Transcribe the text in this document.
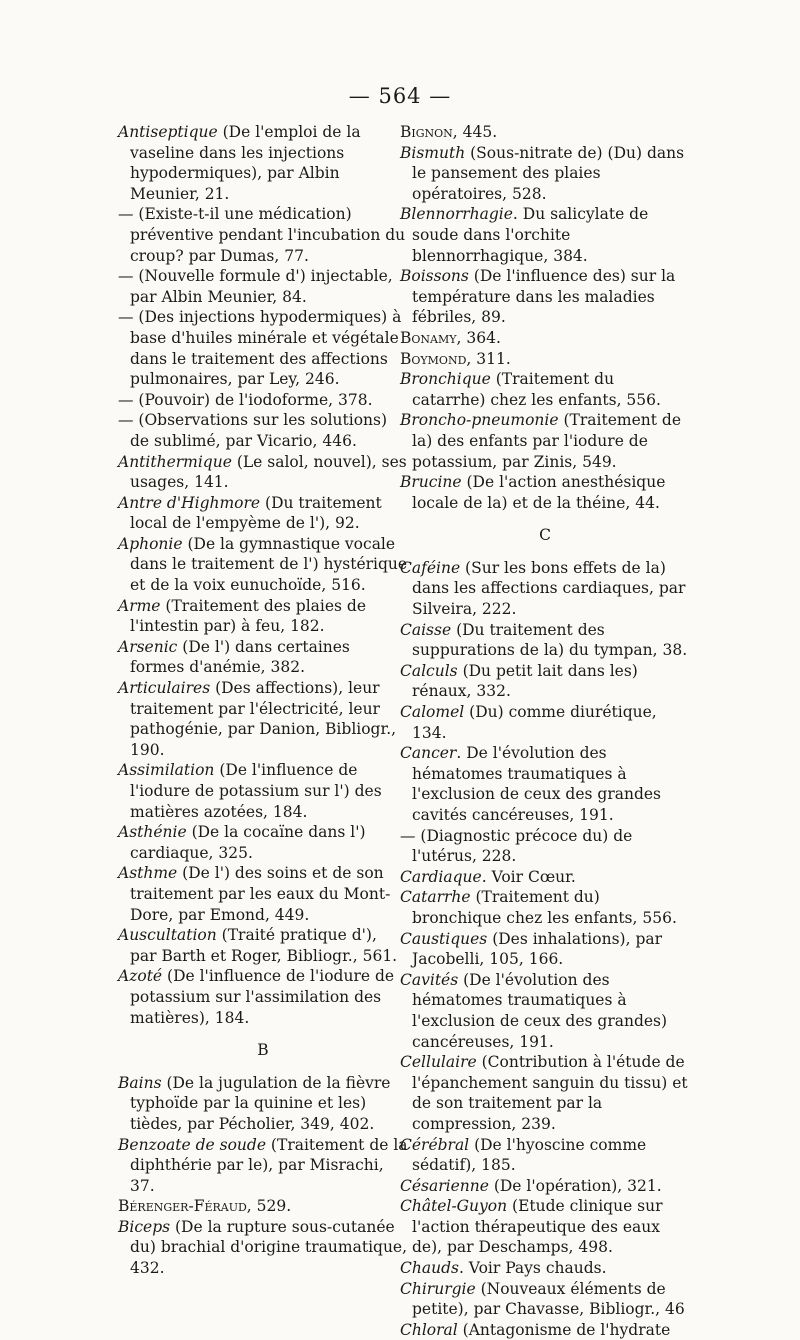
— 564 —

Antiseptique (De l'emploi de la vaseline dans les injections hypodermiques), par Albin Meunier, 21.

— (Existe-t-il une médication) préventive pendant l'incubation du croup? par Dumas, 77.

— (Nouvelle formule d') injectable, par Albin Meunier, 84.

— (Des injections hypodermiques) à base d'huiles minérale et végétale dans le traitement des affections pulmonaires, par Ley, 246.

— (Pouvoir) de l'iodoforme, 378.

— (Observations sur les solutions) de sublimé, par Vicario, 446.

Antithermique (Le salol, nouvel), ses usages, 141.

Antre d'Highmore (Du traitement local de l'empyème de l'), 92.

Aphonie (De la gymnastique vocale dans le traitement de l') hystérique et de la voix eunuchoïde, 516.

Arme (Traitement des plaies de l'intestin par) à feu, 182.

Arsenic (De l') dans certaines formes d'anémie, 382.

Articulaires (Des affections), leur traitement par l'électricité, leur pathogénie, par Danion, Bibliogr., 190.

Assimilation (De l'influence de l'iodure de potassium sur l') des matières azotées, 184.

Asthénie (De la cocaïne dans l') cardiaque, 325.

Asthme (De l') des soins et de son traitement par les eaux du Mont-Dore, par Emond, 449.

Auscultation (Traité pratique d'), par Barth et Roger, Bibliogr., 561.

Azoté (De l'influence de l'iodure de potassium sur l'assimilation des matières), 184.

B

Bains (De la jugulation de la fièvre typhoïde par la quinine et les) tièdes, par Pécholier, 349, 402.

Benzoate de soude (Traitement de la diphthérie par le), par Misrachi, 37.

Bérenger-Féraud, 529.

Biceps (De la rupture sous-cutanée du) brachial d'origine traumatique, 432.

Bignon, 445.

Bismuth (Sous-nitrate de) (Du) dans le pansement des plaies opératoires, 528.

Blennorrhagie. Du salicylate de soude dans l'orchite blennorrhagique, 384.

Boissons (De l'influence des) sur la température dans les maladies fébriles, 89.

Bonamy, 364.

Boymond, 311.

Bronchique (Traitement du catarrhe) chez les enfants, 556.

Broncho-pneumonie (Traitement de la) des enfants par l'iodure de potassium, par Zinis, 549.

Brucine (De l'action anesthésique locale de la) et de la théine, 44.

C

Caféine (Sur les bons effets de la) dans les affections cardiaques, par Silveira, 222.

Caisse (Du traitement des suppurations de la) du tympan, 38.

Calculs (Du petit lait dans les) rénaux, 332.

Calomel (Du) comme diurétique, 134.

Cancer. De l'évolution des hématomes traumatiques à l'exclusion de ceux des grandes cavités cancéreuses, 191.

— (Diagnostic précoce du) de l'utérus, 228.

Cardiaque. Voir Cœur.

Catarrhe (Traitement du) bronchique chez les enfants, 556.

Caustiques (Des inhalations), par Jacobelli, 105, 166.

Cavités (De l'évolution des hématomes traumatiques à l'exclusion de ceux des grandes) cancéreuses, 191.

Cellulaire (Contribution à l'étude de l'épanchement sanguin du tissu) et de son traitement par la compression, 239.

Cérébral (De l'hyoscine comme sédatif), 185.

Césarienne (De l'opération), 321.

Châtel-Guyon (Etude clinique sur l'action thérapeutique des eaux de), par Deschamps, 498.

Chauds. Voir Pays chauds.

Chirurgie (Nouveaux éléments de petite), par Chavasse, Bibliogr., 46

Chloral (Antagonisme de l'hydrate
